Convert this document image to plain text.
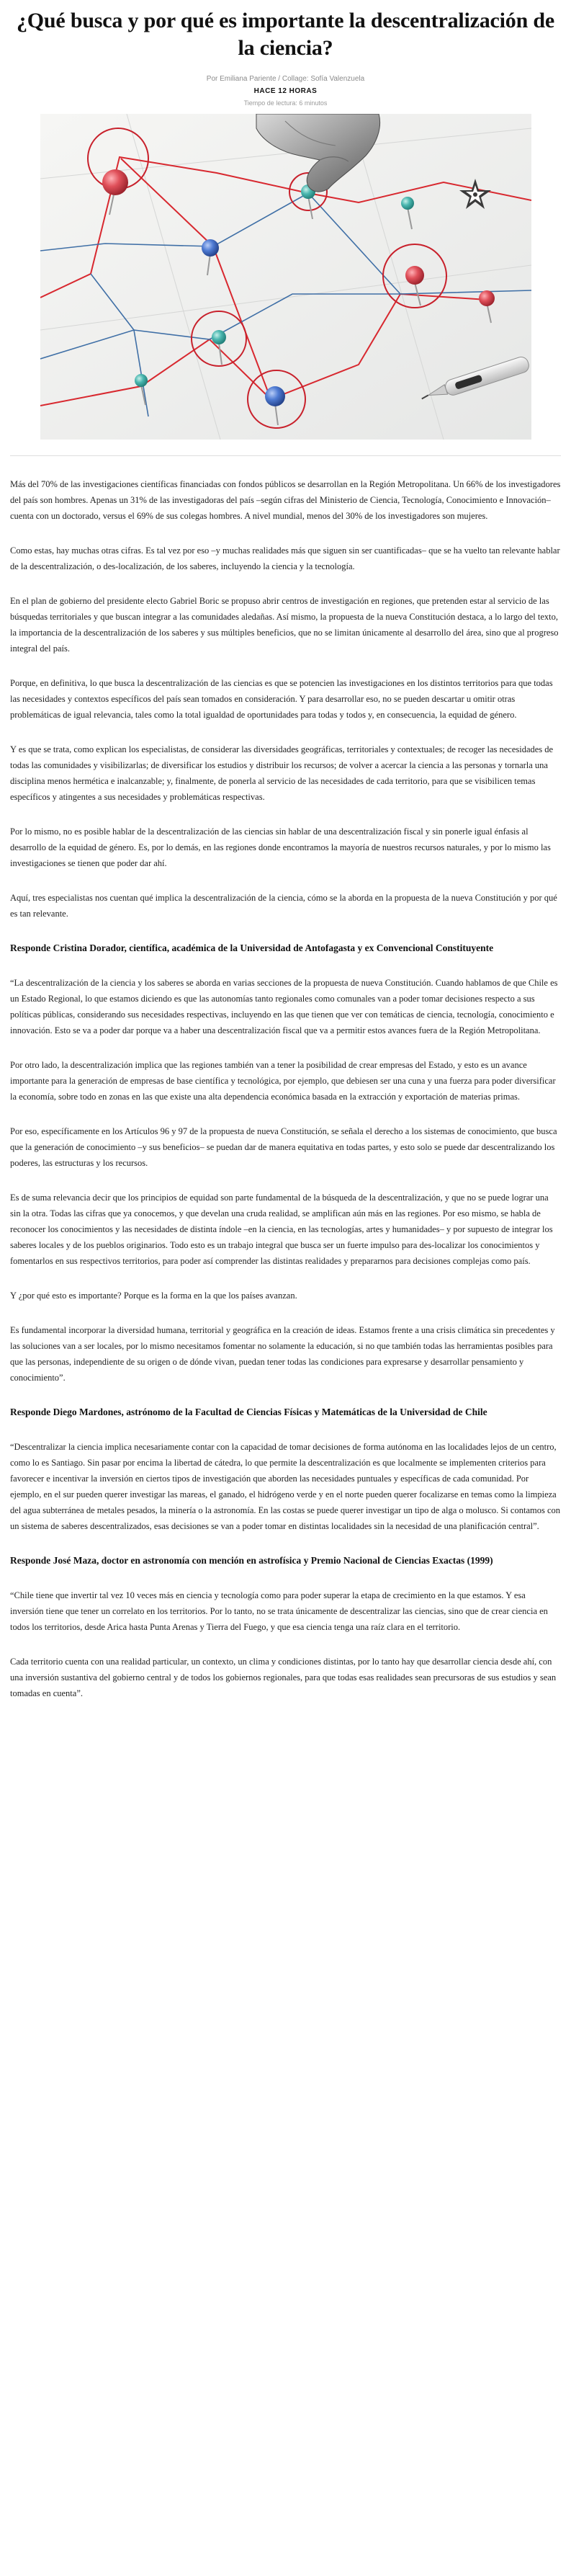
¿Qué busca y por qué es importante la descentralización de la ciencia?
Por Emiliana Pariente / Collage: Sofía Valenzuela
HACE 12 HORAS
Tiempo de lectura: 6 minutos

Más del 70% de las investigaciones científicas financiadas con fondos públicos se desarrollan en la Región Metropolitana. Un 66% de los investigadores del país son hombres. Apenas un 31% de las investigadoras del país –según cifras del Ministerio de Ciencia, Tecnología, Conocimiento e Innovación– cuenta con un doctorado, versus el 69% de sus colegas hombres. A nivel mundial, menos del 30% de los investigadores son mujeres.

Como estas, hay muchas otras cifras. Es tal vez por eso –y muchas realidades más que siguen sin ser cuantificadas– que se ha vuelto tan relevante hablar de la descentralización, o des-localización, de los saberes, incluyendo la ciencia y la tecnología.

En el plan de gobierno del presidente electo Gabriel Boric se propuso abrir centros de investigación en regiones, que pretenden estar al servicio de las búsquedas territoriales y que buscan integrar a las comunidades aledañas. Así mismo, la propuesta de la nueva Constitución destaca, a lo largo del texto, la importancia de la descentralización de los saberes y sus múltiples beneficios, que no se limitan únicamente al desarrollo del área, sino que al progreso integral del país.

Porque, en definitiva, lo que busca la descentralización de las ciencias es que se potencien las investigaciones en los distintos territorios para que todas las necesidades y contextos específicos del país sean tomados en consideración. Y para desarrollar eso, no se pueden descartar u omitir otras problemáticas de igual relevancia, tales como la total igualdad de oportunidades para todas y todos y, en consecuencia, la equidad de género.

Y es que se trata, como explican los especialistas, de considerar las diversidades geográficas, territoriales y contextuales; de recoger las necesidades de todas las comunidades y visibilizarlas; de diversificar los estudios y distribuir los recursos; de volver a acercar la ciencia a las personas y tornarla una disciplina menos hermética e inalcanzable; y, finalmente, de ponerla al servicio de las necesidades de cada territorio, para que se visibilicen temas específicos y atingentes a sus necesidades y problemáticas respectivas.

Por lo mismo, no es posible hablar de la descentralización de las ciencias sin hablar de una descentralización fiscal y sin ponerle igual énfasis al desarrollo de la equidad de género. Es, por lo demás, en las regiones donde encontramos la mayoría de nuestros recursos naturales, y por lo mismo las investigaciones se tienen que poder dar ahí.

Aquí, tres especialistas nos cuentan qué implica la descentralización de la ciencia, cómo se la aborda en la propuesta de la nueva Constitución y por qué es tan relevante.

Responde Cristina Dorador, científica, académica de la Universidad de Antofagasta y ex Convencional Constituyente

“La descentralización de la ciencia y los saberes se aborda en varias secciones de la propuesta de nueva Constitución. Cuando hablamos de que Chile es un Estado Regional, lo que estamos diciendo es que las autonomías tanto regionales como comunales van a poder tomar decisiones respecto a sus políticas públicas, considerando sus necesidades respectivas, incluyendo en las que tienen que ver con temáticas de ciencia, tecnología, conocimiento e innovación. Esto se va a poder dar porque va a haber una descentralización fiscal que va a permitir estos avances fuera de la Región Metropolitana.

Por otro lado, la descentralización implica que las regiones también van a tener la posibilidad de crear empresas del Estado, y esto es un avance importante para la generación de empresas de base científica y tecnológica, por ejemplo, que debiesen ser una cuna y una fuerza para poder diversificar la economía, sobre todo en zonas en las que existe una alta dependencia económica basada en la extracción y exportación de materias primas.

Por eso, específicamente en los Artículos 96 y 97 de la propuesta de nueva Constitución, se señala el derecho a los sistemas de conocimiento, que busca que la generación de conocimiento –y sus beneficios– se puedan dar de manera equitativa en todas partes, y esto solo se puede dar descentralizando los poderes, las estructuras y los recursos.

Es de suma relevancia decir que los principios de equidad son parte fundamental de la búsqueda de la descentralización, y que no se puede lograr una sin la otra. Todas las cifras que ya conocemos, y que develan una cruda realidad, se amplifican aún más en las regiones. Por eso mismo, se habla de reconocer los conocimientos y las necesidades de distinta índole –en la ciencia, en las tecnologías, artes y humanidades– y por supuesto de integrar los saberes locales y de los pueblos originarios. Todo esto es un trabajo integral que busca ser un fuerte impulso para des-localizar los conocimientos y fomentarlos en sus respectivos territorios, para poder así comprender las distintas realidades y prepararnos para decisiones complejas como país.

Y ¿por qué esto es importante? Porque es la forma en la que los países avanzan.

Es fundamental incorporar la diversidad humana, territorial y geográfica en la creación de ideas. Estamos frente a una crisis climática sin precedentes y las soluciones van a ser locales, por lo mismo necesitamos fomentar no solamente la educación, si no que también todas las herramientas posibles para que las personas, independiente de su origen o de dónde vivan, puedan tener todas las condiciones para expresarse y desarrollar pensamiento y conocimiento”.

Responde Diego Mardones, astrónomo de la Facultad de Ciencias Físicas y Matemáticas de la Universidad de Chile

“Descentralizar la ciencia implica necesariamente contar con la capacidad de tomar decisiones de forma autónoma en las localidades lejos de un centro, como lo es Santiago. Sin pasar por encima la libertad de cátedra, lo que permite la descentralización es que localmente se implementen criterios para favorecer e incentivar la inversión en ciertos tipos de investigación que aborden las necesidades puntuales y específicas de cada comunidad. Por ejemplo, en el sur pueden querer investigar las mareas, el ganado, el hidrógeno verde y en el norte pueden querer focalizarse en temas como la limpieza del agua subterránea de metales pesados, la minería o la astronomía. En las costas se puede querer investigar un tipo de alga o molusco. Si contamos con un sistema de saberes descentralizados, esas decisiones se van a poder tomar en distintas localidades sin la necesidad de una planificación central”.

Responde José Maza, doctor en astronomía con mención en astrofísica y Premio Nacional de Ciencias Exactas (1999)

“Chile tiene que invertir tal vez 10 veces más en ciencia y tecnología como para poder superar la etapa de crecimiento en la que estamos. Y esa inversión tiene que tener un correlato en los territorios. Por lo tanto, no se trata únicamente de descentralizar las ciencias, sino que de crear ciencia en todos los territorios, desde Arica hasta Punta Arenas y Tierra del Fuego, y que esa ciencia tenga una raíz clara en el territorio.

Cada territorio cuenta con una realidad particular, un contexto, un clima y condiciones distintas, por lo tanto hay que desarrollar ciencia desde ahí, con una inversión sustantiva del gobierno central y de todos los gobiernos regionales, para que todas esas realidades sean precursoras de sus estudios y sean tomadas en cuenta”.
